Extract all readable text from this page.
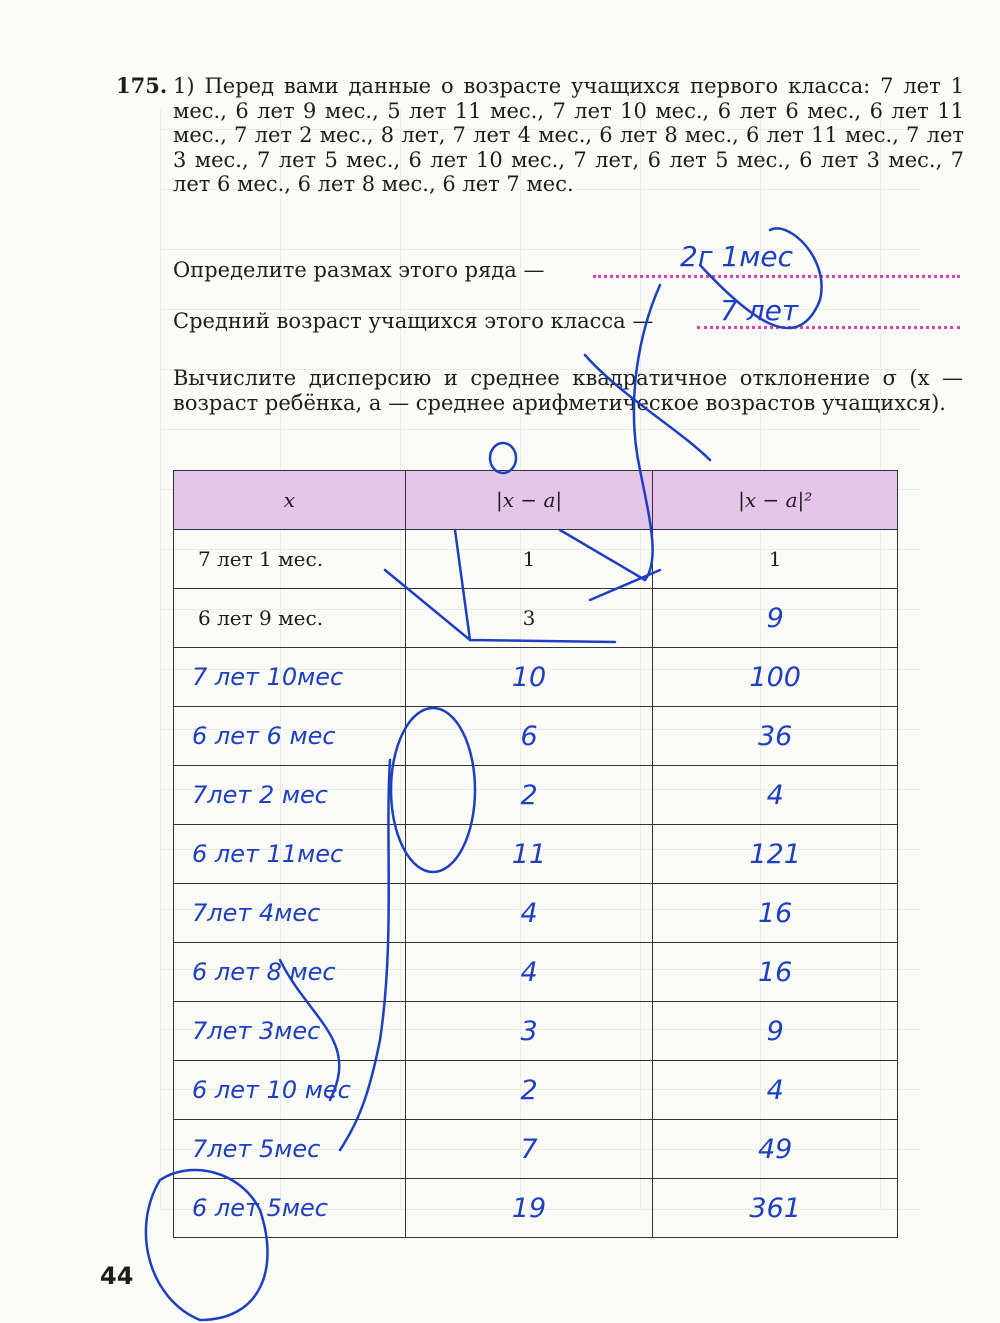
175. 1) Перед вами данные о возрасте учащихся первого класса: 7 лет 1 мес., 6 лет 9 мес., 5 лет 11 мес., 7 лет 10 мес., 6 лет 6 мес., 6 лет 11 мес., 7 лет 2 мес., 8 лет, 7 лет 4 мес., 6 лет 8 мес., 6 лет 11 мес., 7 лет 3 мес., 7 лет 5 мес., 6 лет 10 мес., 7 лет, 6 лет 5 мес., 6 лет 3 мес., 7 лет 6 мес., 6 лет 8 мес., 6 лет 7 мес.
Определите размах этого ряда —	2г 1мес
Средний возраст учащихся этого класса — 7 лет
Вычислите дисперсию и среднее квадратичное отклонение σ (x — возраст ребёнка, a — среднее арифметическое возрастов учащихся).
x	|x − a|	|x − a|²
7 лет 1 мес.	1	1
6 лет 9 мес.	3	9
7 лет 10мес	10	100
6 лет 6 мес	6	36
7лет 2 мес	2	4
6 лет 11мес	11	121
7лет 4мес	4	16
6 лет 8 мес	4	16
7лет 3мес	3	9
6 лет 10 мес	2	4
7лет 5мес	7	49
6 лет 5мес	19	361
44
